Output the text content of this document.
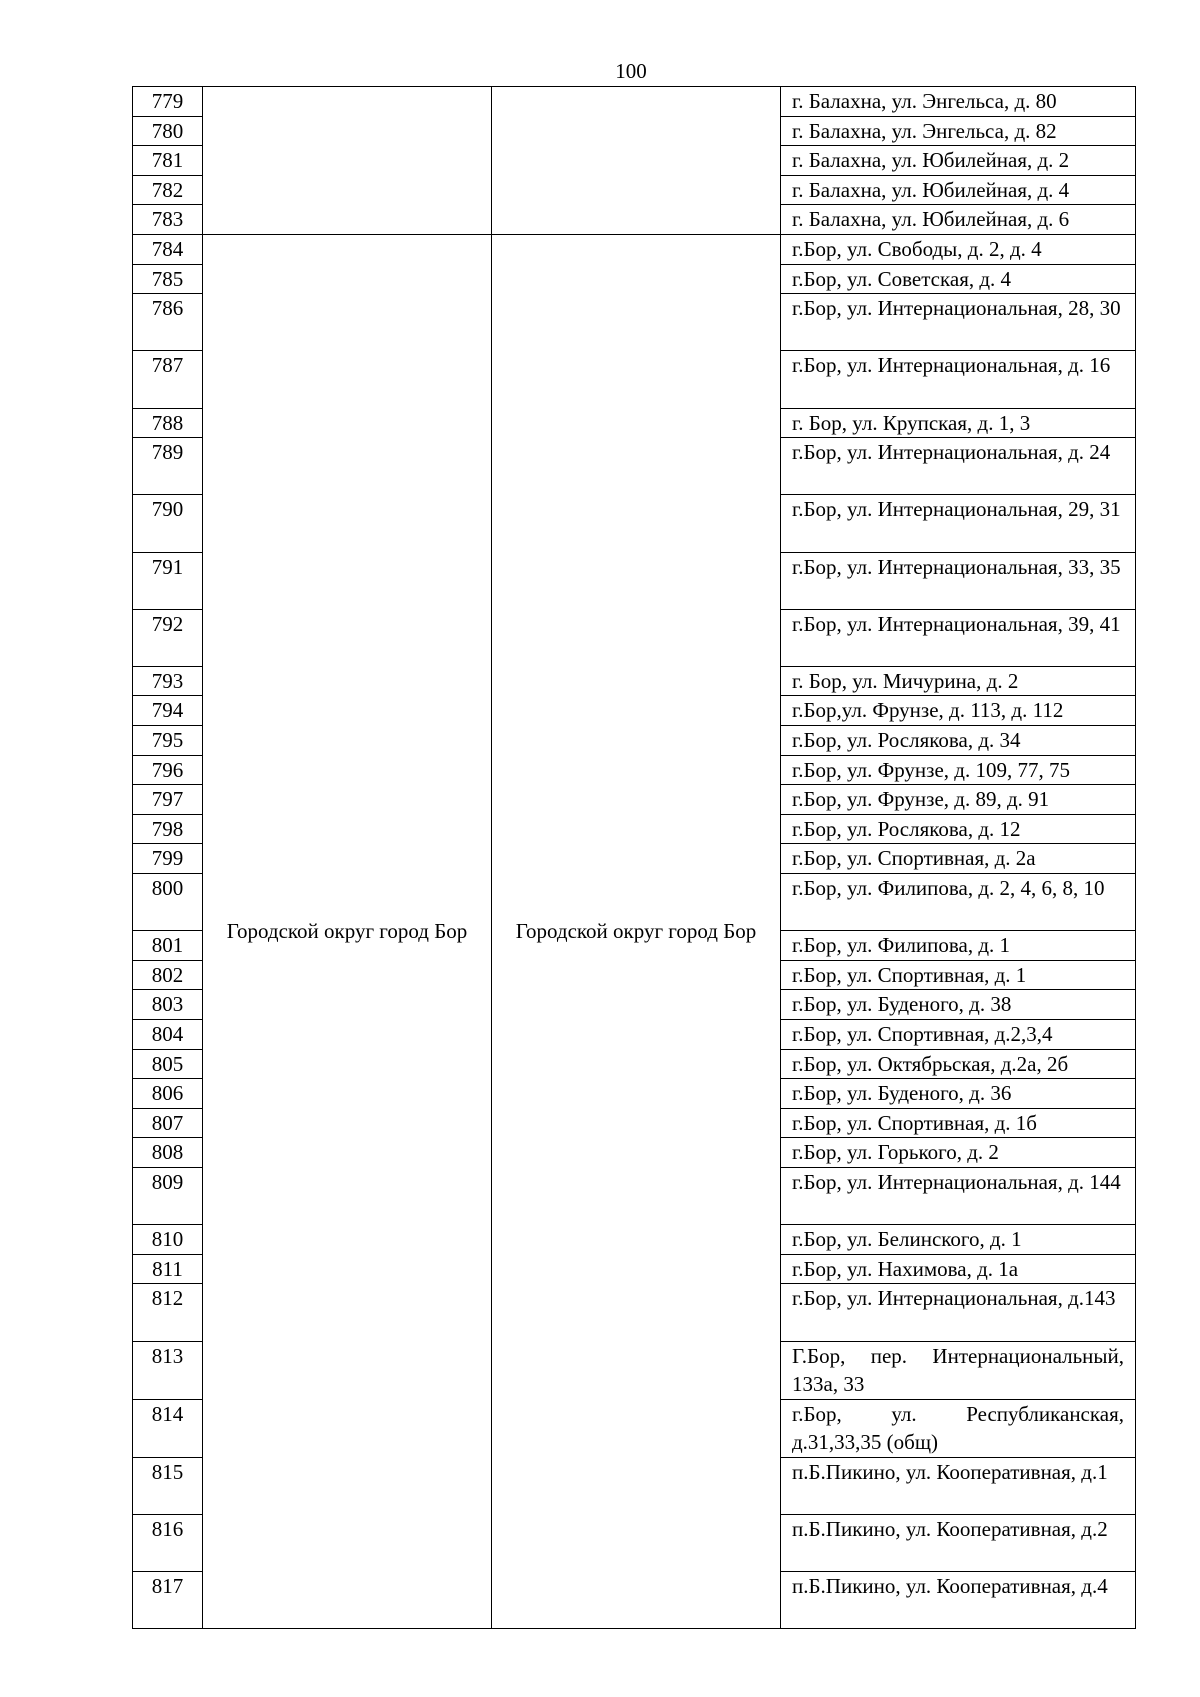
100
779			г. Балахна, ул. Энгельса, д. 80
780			г. Балахна, ул. Энгельса, д. 82
781			г. Балахна, ул. Юбилейная, д. 2
782			г. Балахна, ул. Юбилейная, д. 4
783			г. Балахна, ул. Юбилейная, д. 6
784	Городской округ город Бор	Городской округ город Бор	г.Бор, ул. Свободы, д. 2, д. 4
785			г.Бор, ул. Советская, д. 4
786			г.Бор, ул. Интернациональная, 28, 30
787			г.Бор, ул. Интернациональная, д. 16
788			г. Бор, ул. Крупская, д. 1, 3
789			г.Бор, ул. Интернациональная, д. 24
790			г.Бор, ул. Интернациональная, 29, 31
791			г.Бор, ул. Интернациональная, 33, 35
792			г.Бор, ул. Интернациональная, 39, 41
793			г. Бор, ул. Мичурина, д. 2
794			г.Бор,ул. Фрунзе, д. 113, д. 112
795			г.Бор, ул. Рослякова, д. 34
796			г.Бор, ул. Фрунзе, д. 109, 77, 75
797			г.Бор, ул. Фрунзе, д. 89, д. 91
798			г.Бор, ул. Рослякова, д. 12
799			г.Бор, ул. Спортивная, д. 2а
800			г.Бор, ул. Филипова, д. 2, 4, 6, 8, 10
801			г.Бор, ул. Филипова, д. 1
802			г.Бор, ул. Спортивная, д. 1
803			г.Бор, ул. Буденого, д. 38
804			г.Бор, ул. Спортивная, д.2,3,4
805			г.Бор, ул. Октябрьская, д.2а, 2б
806			г.Бор, ул. Буденого, д. 36
807			г.Бор, ул. Спортивная, д. 1б
808			г.Бор, ул. Горького, д. 2
809			г.Бор, ул. Интернациональная, д. 144
810			г.Бор, ул. Белинского, д. 1
811			г.Бор, ул. Нахимова, д. 1а
812			г.Бор, ул. Интернациональная, д.143
813			Г.Бор, пер. Интернациональный, 133а, 33
814			г.Бор, ул. Республиканская, д.31,33,35 (общ)
815			п.Б.Пикино, ул. Кооперативная, д.1
816			п.Б.Пикино, ул. Кооперативная, д.2
817			п.Б.Пикино, ул. Кооперативная, д.4
